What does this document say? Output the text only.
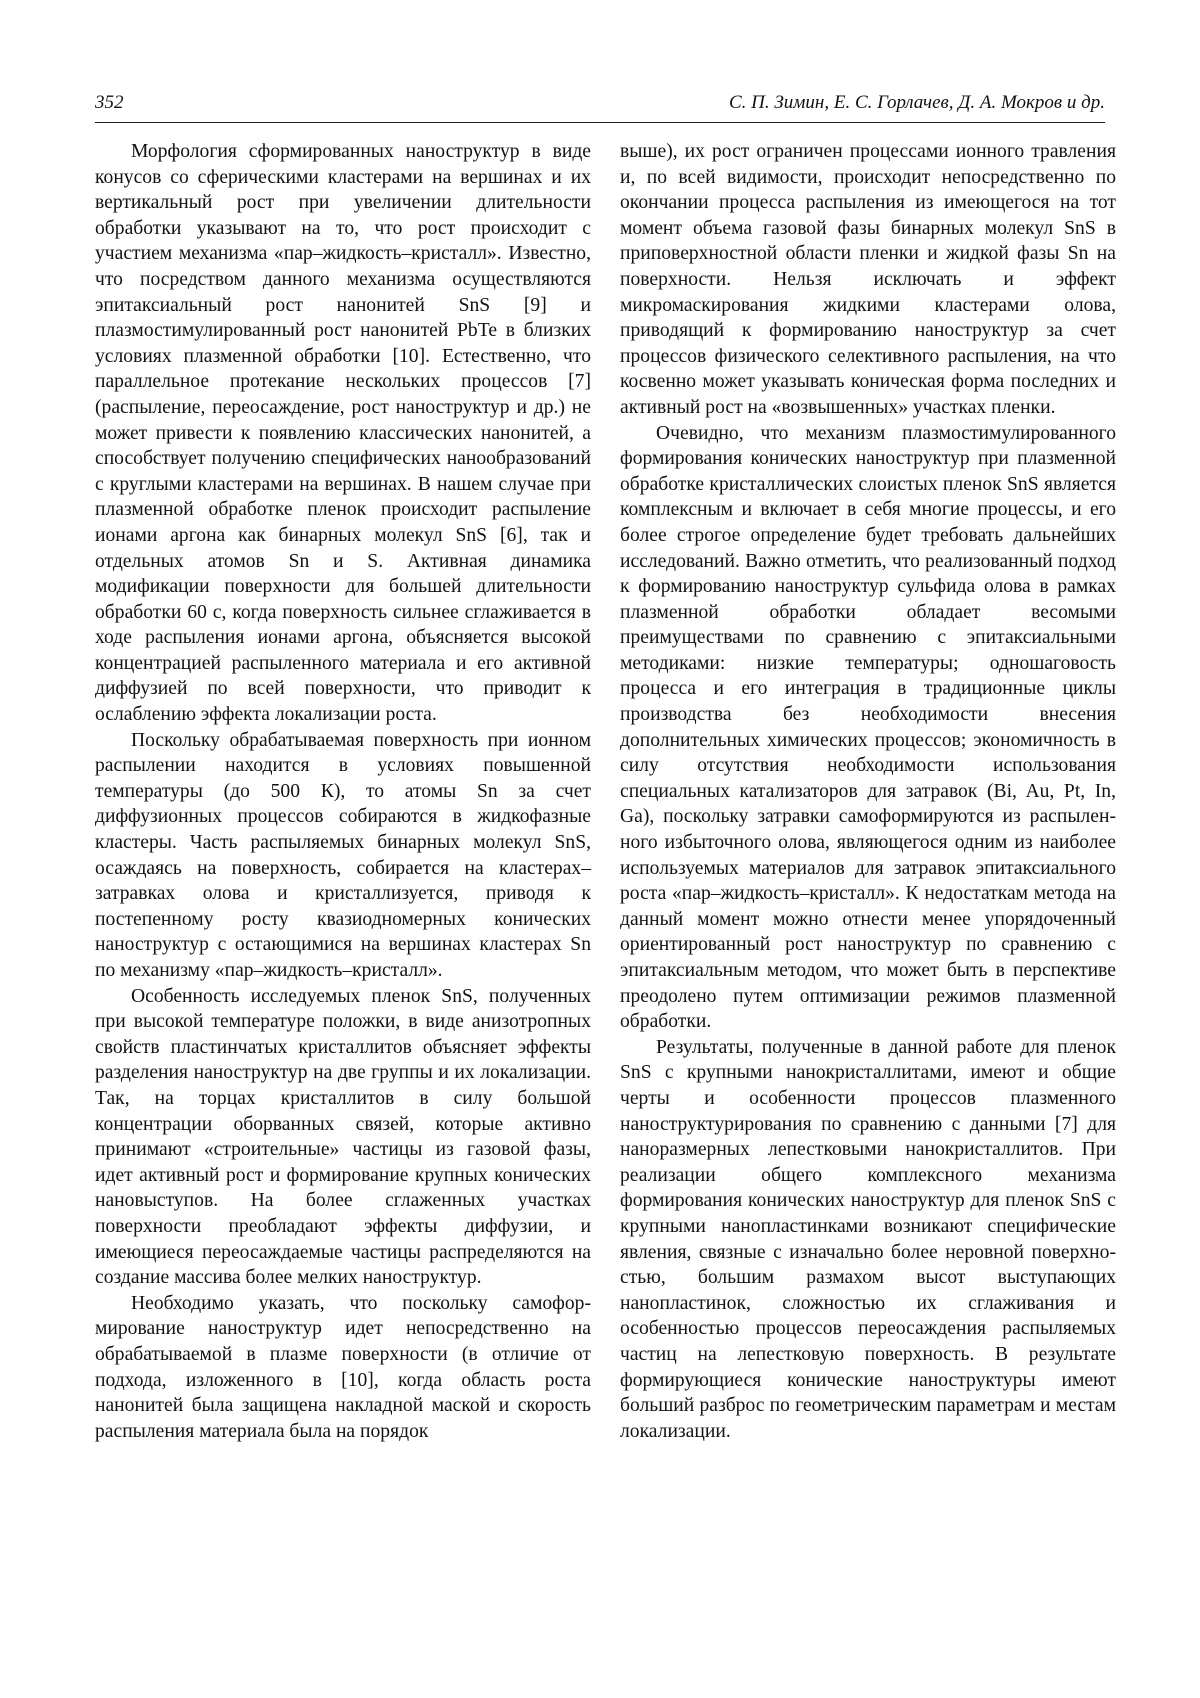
352	С. П. Зимин, Е. С. Горлачев, Д. А. Мокров и др.

Морфология сформированных наноструктур в виде конусов со сферическими кластерами на вершинах и их вертикальный рост при увеличении длительности обработки указывают на то, что рост происходит с участием механизма «пар–жидкость–кристалл». Известно, что посредством данного механизма осуществляются эпитаксиальный рост нанонитей SnS [9] и плазмостимулированный рост нанонитей PbTe в близких условиях плазменной обработки [10]. Естественно, что параллельное протекание нескольких процессов [7] (распыление, переосаждение, рост наноструктур и др.) не может привести к появлению классических нанонитей, а способствует получению специфических нанообразований с круглыми кластерами на вершинах. В нашем случае при плазменной обработке пленок происходит распыление ионами аргона как бинарных молекул SnS [6], так и отдельных атомов Sn и S. Активная динамика модификации поверхности для большей длительности обработки 60 с, когда поверхность сильнее сглаживается в ходе распыления ионами аргона, объясняется высокой концентрацией распыленного материала и его активной диффузией по всей поверхности, что приводит к ослаблению эффекта локализации роста.

Поскольку обрабатываемая поверхность при ионном распылении находится в условиях повышенной температуры (до 500 К), то атомы Sn за счет диффузионных процессов собираются в жидкофазные кластеры. Часть распыляемых бинарных молекул SnS, осаждаясь на поверхность, собирается на кластерах–затравках олова и кристаллизуется, приводя к постепенному росту квазиодномерных конических наноструктур с остающимися на вершинах кластерах Sn по механизму «пар–жидкость–кристалл».

Особенность исследуемых пленок SnS, полученных при высокой температуре положки, в виде анизотропных свойств пластинчатых кристаллитов объясняет эффекты разделения наноструктур на две группы и их локализации. Так, на торцах кристаллитов в силу большой концентрации оборванных связей, которые активно принимают «строительные» частицы из газовой фазы, идет активный рост и формирование крупных конических нановыступов. На более сглаженных участках поверхности преобладают эффекты диффузии, и имеющиеся переосаждаемые частицы распределяются на создание массива более мелких наноструктур.

Необходимо указать, что поскольку самоформирование наноструктур идет непосредственно на обрабатываемой в плазме поверхности (в отличие от подхода, изложенного в [10], когда область роста нанонитей была защищена накладной маской и скорость распыления материала была на порядок

выше), их рост ограничен процессами ионного травления и, по всей видимости, происходит непосредственно по окончании процесса распыления из имеющегося на тот момент объема газовой фазы бинарных молекул SnS в приповерхностной области пленки и жидкой фазы Sn на поверхности. Нельзя исключать и эффект микромаскирования жидкими кластерами олова, приводящий к формированию наноструктур за счет процессов физического селективного распыления, на что косвенно может указывать коническая форма последних и активный рост на «возвышенных» участках пленки.

Очевидно, что механизм плазмостимулированного формирования конических наноструктур при плазменной обработке кристаллических слоистых пленок SnS является комплексным и включает в себя многие процессы, и его более строгое определение будет требовать дальнейших исследований. Важно отметить, что реализованный подход к формированию наноструктур сульфида олова в рамках плазменной обработки обладает весомыми преимуществами по сравнению с эпитаксиальными методиками: низкие температуры; одношаговость процесса и его интеграция в традиционные циклы производства без необходимости внесения дополнительных химических процессов; экономичность в силу отсутствия необходимости использования специальных катализаторов для затравок (Bi, Au, Pt, In, Ga), поскольку затравки самоформируются из распыленного избыточного олова, являющегося одним из наиболее используемых материалов для затравок эпитаксиального роста «пар–жидкость–кристалл». К недостаткам метода на данный момент можно отнести менее упорядоченный ориентированный рост наноструктур по сравнению с эпитаксиальным методом, что может быть в перспективе преодолено путем оптимизации режимов плазменной обработки.

Результаты, полученные в данной работе для пленок SnS с крупными нанокристаллитами, имеют и общие черты и особенности процессов плазменного наноструктурирования по сравнению с данными [7] для наноразмерных лепестковыми нанокристаллитов. При реализации общего комплексного механизма формирования конических наноструктур для пленок SnS с крупными нанопластинками возникают специфические явления, связные с изначально более неровной поверхностью, большим размахом высот выступающих нанопластинок, сложностью их сглаживания и особенностью процессов переосаждения распыляемых частиц на лепестковую поверхность. В результате формирующиеся конические наноструктуры имеют больший разброс по геометрическим параметрам и местам локализации.
